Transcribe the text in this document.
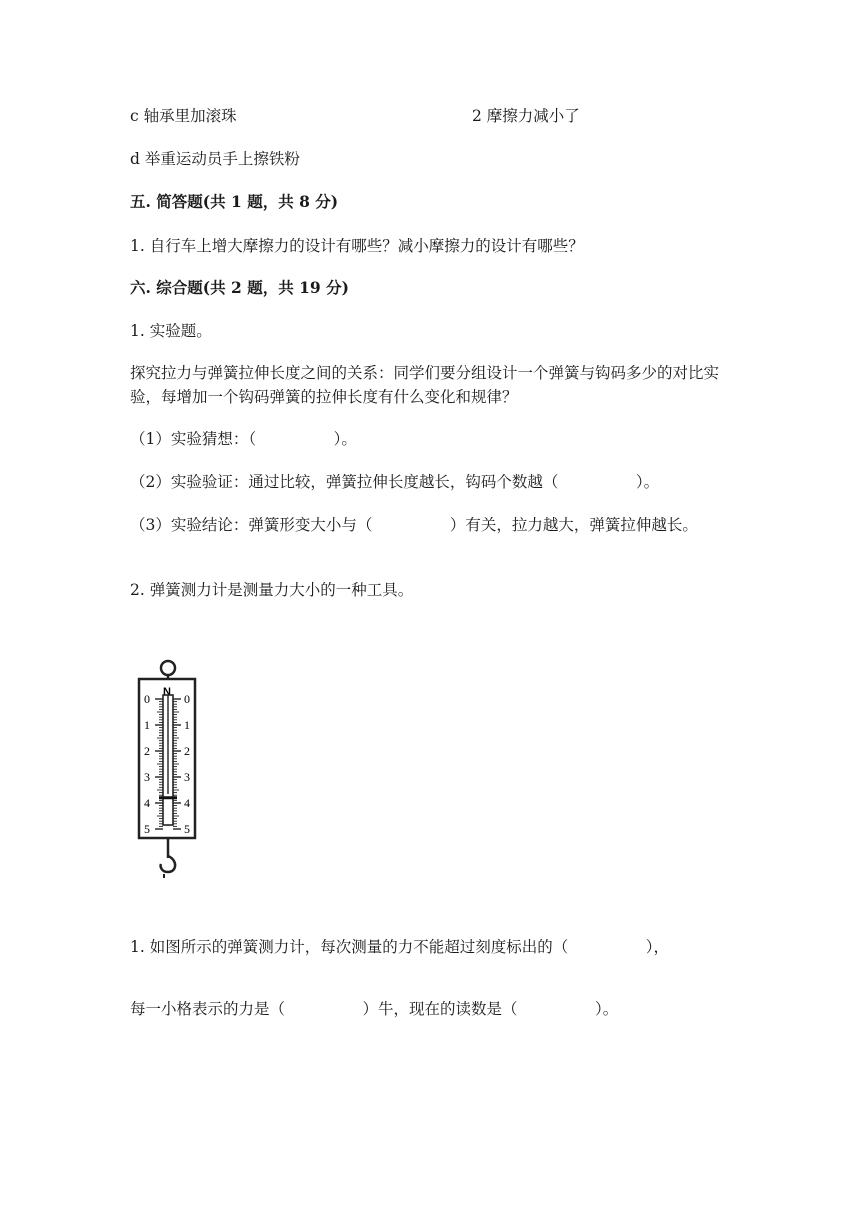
c 轴承里加滚珠	2 摩擦力减小了
d 举重运动员手上擦铁粉
五. 简答题(共 1 题，共 8 分)
1. 自行车上增大摩擦力的设计有哪些？减小摩擦力的设计有哪些？
六. 综合题(共 2 题，共 19 分)
1. 实验题。
探究拉力与弹簧拉伸长度之间的关系：同学们要分组设计一个弹簧与钩码多少的对比实验，每增加一个钩码弹簧的拉伸长度有什么变化和规律？
（1）实验猜想：（　　　　　）。
（2）实验验证：通过比较，弹簧拉伸长度越长，钩码个数越（　　　　　）。
（3）实验结论：弹簧形变大小与（　　　　　）有关，拉力越大，弹簧拉伸越长。
2. 弹簧测力计是测量力大小的一种工具。
N
0	0
1	1
2	2
3	3
4	4
5	5
1. 如图所示的弹簧测力计，每次测量的力不能超过刻度标出的（　　　　　），
每一小格表示的力是（　　　　　）牛，现在的读数是（　　　　　）。
